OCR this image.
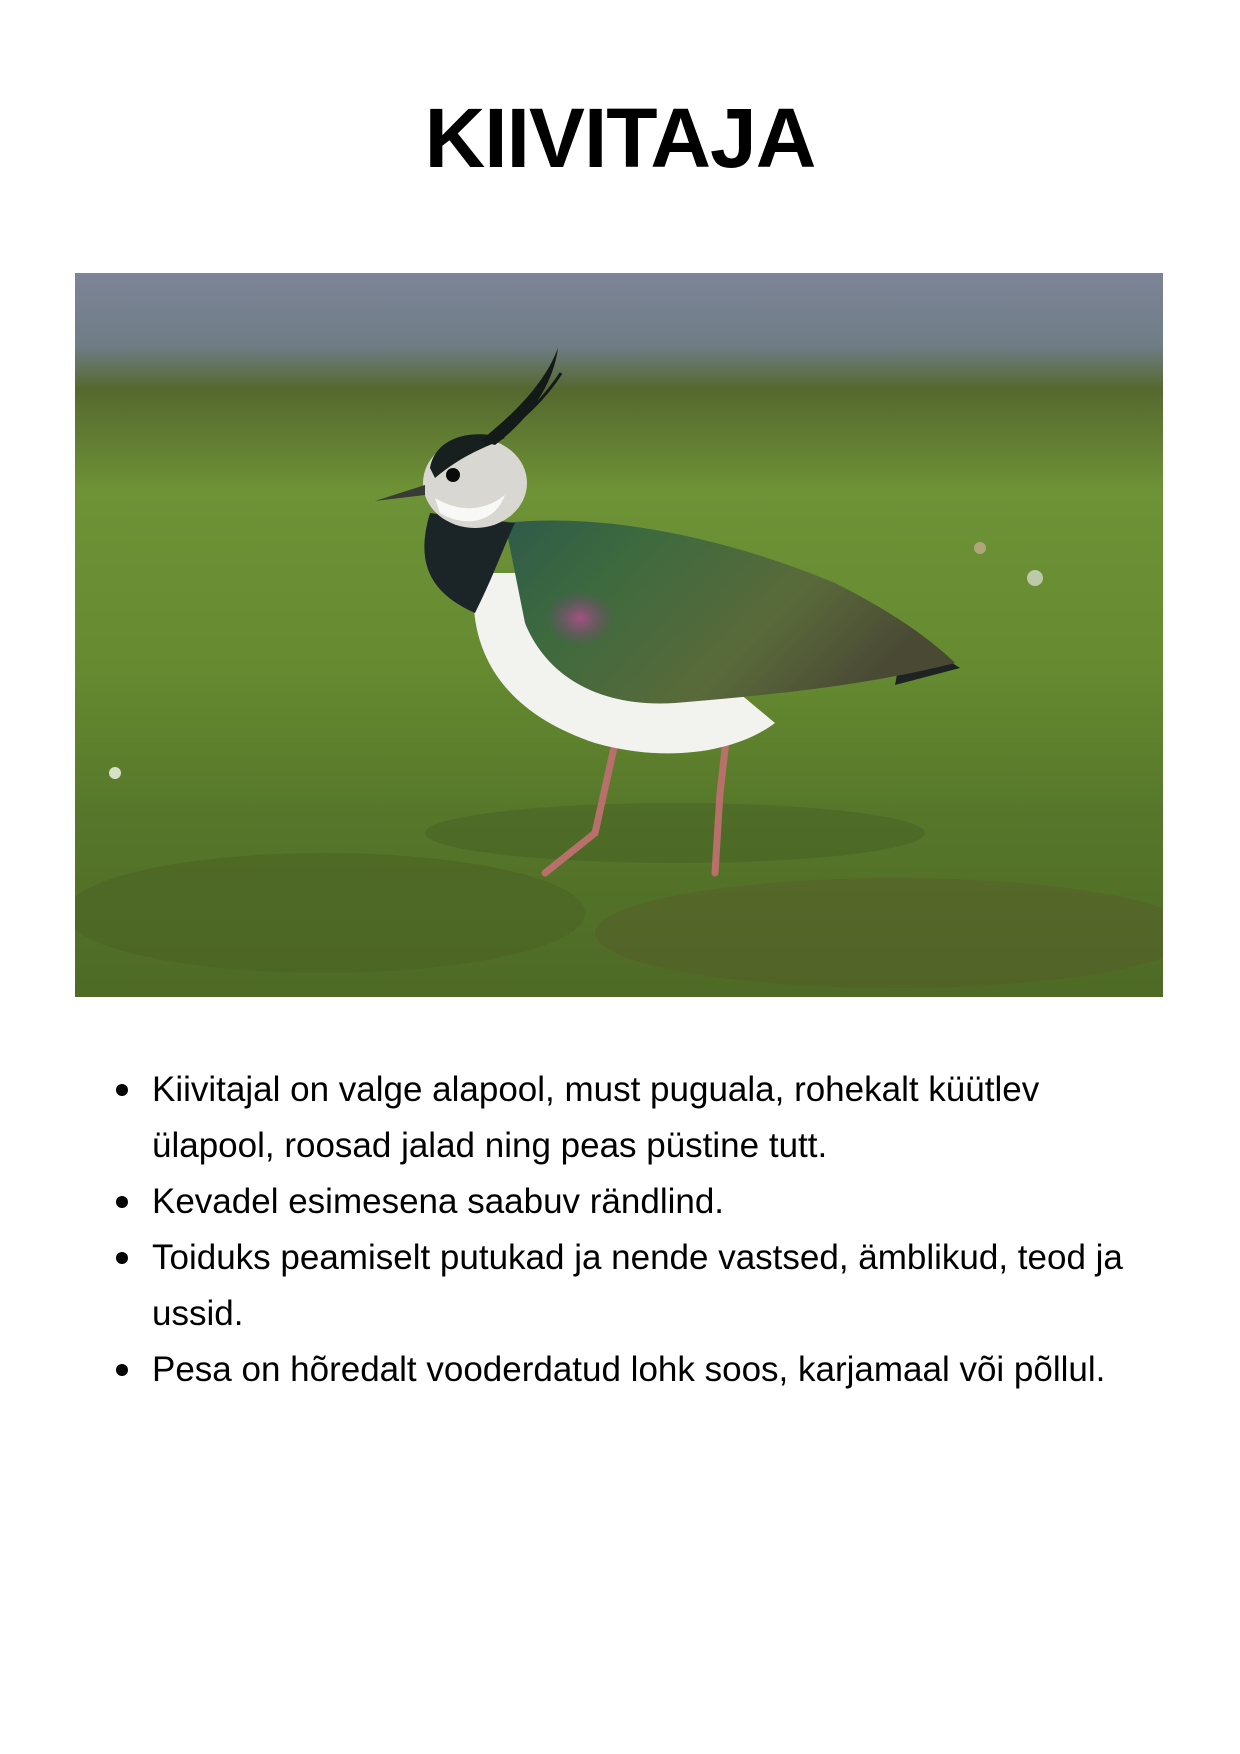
KIIVITAJA
Kiivitajal on valge alapool, must puguala, rohekalt küütlev ülapool, roosad jalad ning peas püstine tutt.
Kevadel esimesena saabuv rändlind.
Toiduks peamiselt putukad ja nende vastsed, ämblikud, teod ja ussid.
Pesa on hõredalt vooderdatud lohk soos, karjamaal või põllul.
